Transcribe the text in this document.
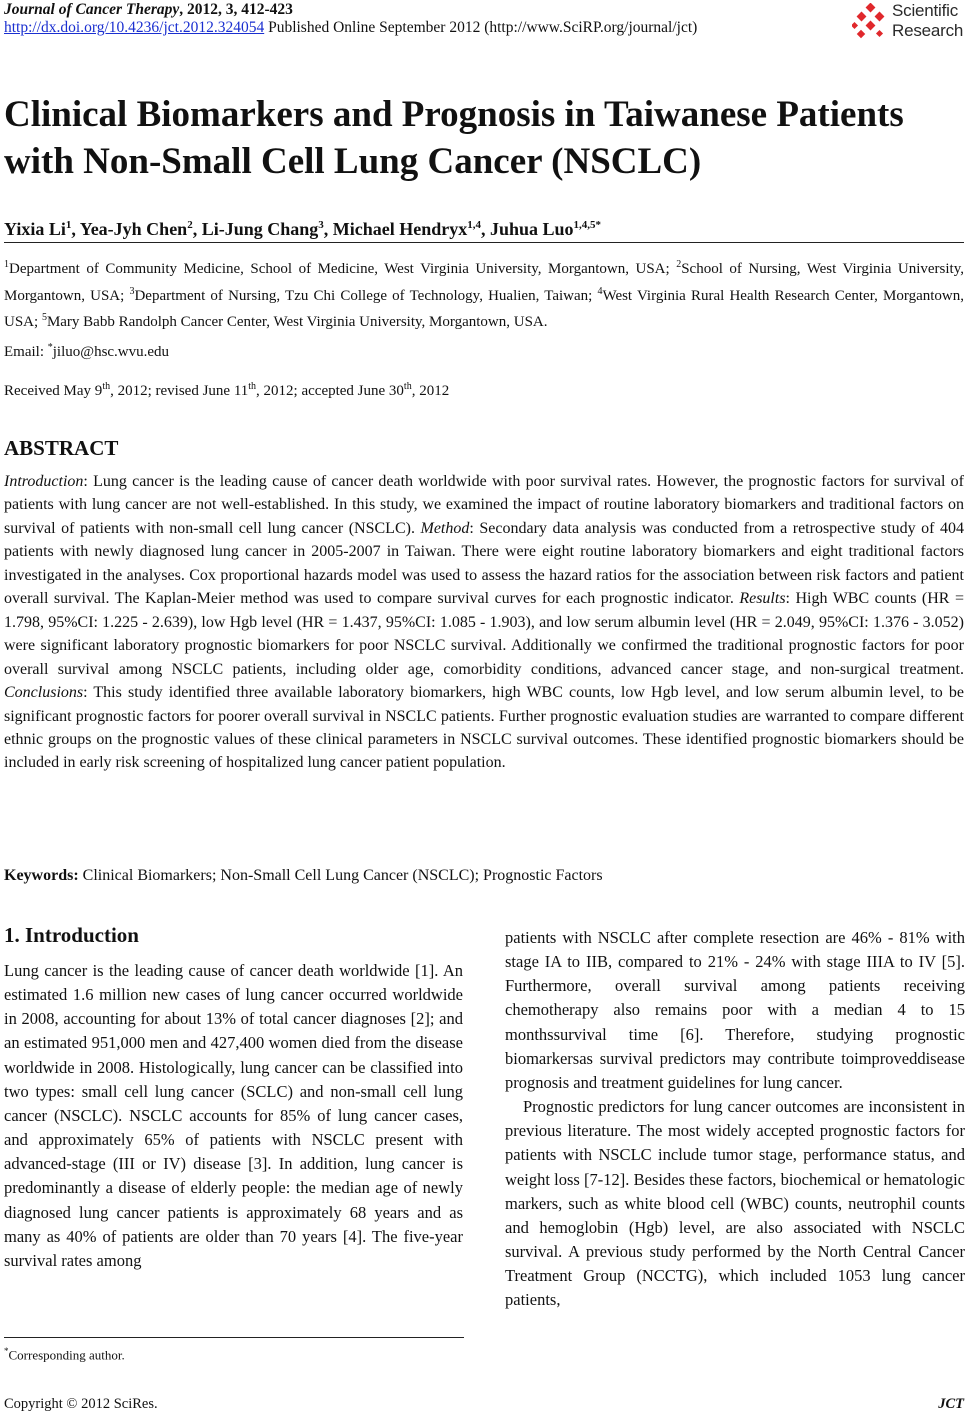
Journal of Cancer Therapy, 2012, 3, 412-423
http://dx.doi.org/10.4236/jct.2012.324054 Published Online September 2012 (http://www.SciRP.org/journal/jct)
Scientific
Research
Clinical Biomarkers and Prognosis in Taiwanese Patients with Non-Small Cell Lung Cancer (NSCLC)
Yixia Li$^1$, Yea-Jyh Chen$^2$, Li-Jung Chang$^3$, Michael Hendryx$^{1,4}$, Juhua Luo$^{1,4,5*}$
$^1$Department of Community Medicine, School of Medicine, West Virginia University, Morgantown, USA; $^2$School of Nursing, West Virginia University, Morgantown, USA; $^3$Department of Nursing, Tzu Chi College of Technology, Hualien, Taiwan; $^4$West Virginia Rural Health Research Center, Morgantown, USA; $^5$Mary Babb Randolph Cancer Center, West Virginia University, Morgantown, USA.
Email: *jiluo@hsc.wvu.edu
Received May 9th, 2012; revised June 11th, 2012; accepted June 30th, 2012
ABSTRACT

Introduction: Lung cancer is the leading cause of cancer death worldwide with poor survival rates. However, the prognostic factors for survival of patients with lung cancer are not well-established. In this study, we examined the impact of routine laboratory biomarkers and traditional factors on survival of patients with non-small cell lung cancer (NSCLC). Method: Secondary data analysis was conducted from a retrospective study of 404 patients with newly diagnosed lung cancer in 2005-2007 in Taiwan. There were eight routine laboratory biomarkers and eight traditional factors investigated in the analyses. Cox proportional hazards model was used to assess the hazard ratios for the association between risk factors and patient overall survival. The Kaplan-Meier method was used to compare survival curves for each prognostic indicator. Results: High WBC counts (HR = 1.798, 95%CI: 1.225 - 2.639), low Hgb level (HR = 1.437, 95%CI: 1.085 - 1.903), and low serum albumin level (HR = 2.049, 95%CI: 1.376 - 3.052) were significant laboratory prognostic biomarkers for poor NSCLC survival. Additionally we confirmed the traditional prognostic factors for poor overall survival among NSCLC patients, including older age, comorbidity conditions, advanced cancer stage, and non-surgical treatment. Conclusions: This study identified three available laboratory biomarkers, high WBC counts, low Hgb level, and low serum albumin level, to be significant prognostic factors for poorer overall survival in NSCLC patients. Further prognostic evaluation studies are warranted to compare different ethnic groups on the prognostic values of these clinical parameters in NSCLC survival outcomes. These identified prognostic biomarkers should be included in early risk screening of hospitalized lung cancer patient population.

Keywords: Clinical Biomarkers; Non-Small Cell Lung Cancer (NSCLC); Prognostic Factors
1. Introduction

Lung cancer is the leading cause of cancer death worldwide [1]. An estimated 1.6 million new cases of lung cancer occurred worldwide in 2008, accounting for about 13% of total cancer diagnoses [2]; and an estimated 951,000 men and 427,400 women died from the disease worldwide in 2008. Histologically, lung cancer can be classified into two types: small cell lung cancer (SCLC) and non-small cell lung cancer (NSCLC). NSCLC accounts for 85% of lung cancer cases, and approximately 65% of patients with NSCLC present with advanced-stage (III or IV) disease [3]. In addition, lung cancer is predominantly a disease of elderly people: the median age of newly diagnosed lung cancer patients is approximately 68 years and as many as 40% of patients are older than 70 years [4]. The five-year survival rates among

patients with NSCLC after complete resection are 46% - 81% with stage IA to IIB, compared to 21% - 24% with stage IIIA to IV [5]. Furthermore, overall survival among patients receiving chemotherapy also remains poor with a median 4 to 15 monthssurvival time [6]. Therefore, studying prognostic biomarkersas survival predictors may contribute toimproveddisease prognosis and treatment guidelines for lung cancer.

Prognostic predictors for lung cancer outcomes are inconsistent in previous literature. The most widely accepted prognostic factors for patients with NSCLC include tumor stage, performance status, and weight loss [7-12]. Besides these factors, biochemical or hematologic markers, such as white blood cell (WBC) counts, neutrophil counts and hemoglobin (Hgb) level, are also associated with NSCLC survival. A previous study performed by the North Central Cancer Treatment Group (NCCTG), which included 1053 lung cancer patients,

*Corresponding author.
Copyright © 2012 SciRes.	JCT
